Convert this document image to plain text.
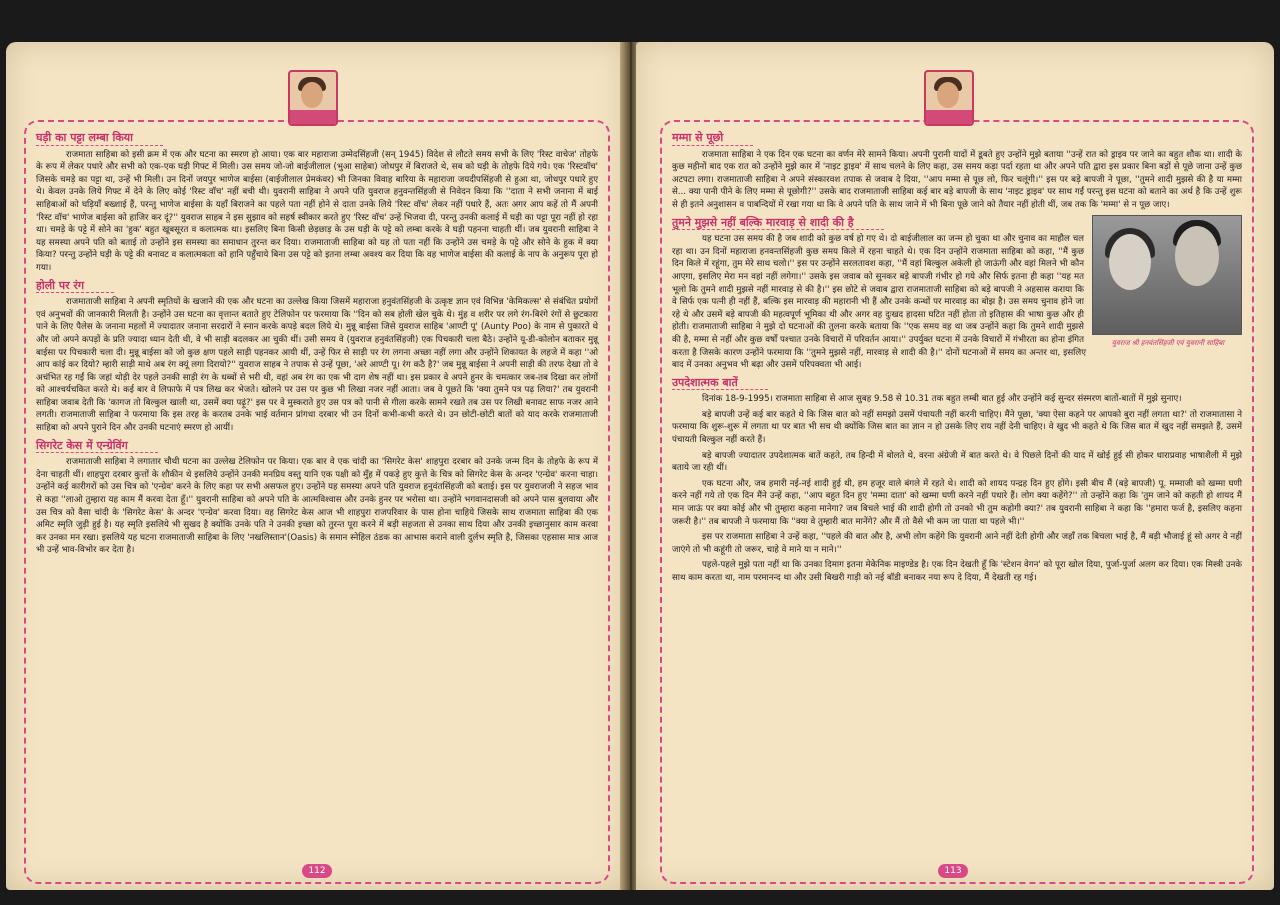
घड़ी का पट्टा लम्बा किया

राजमाता साहिबा को इसी क्रम में एक और घटना का स्मरण हो आया। एक बार महाराजा उम्मेदसिंहजी (सन् 1945) विदेश से लौटते समय सभी के लिए 'रिस्ट वाचेज' तोहफे के रूप में लेकर पधारे और सभी को एक-एक घड़ी गिफ्ट में मिली। उस समय जो-जो बाईजीलाल (भुआ साहेबा) जोधपुर में बिराजते थे, सब को घड़ी के तोहफे दिये गये। एक 'रिस्टवॉच' जिसके चमड़े का पट्टा था, उन्हें भी मिली। उन दिनों जयपुर भाणेज बाईसा (बाईजीलाल प्रेमकंवर) भी जिनका विवाह बारिया के महाराजा जयदीपसिंहजी से हुआ था, जोधपुर पधारे हुए थे। केवल उनके लिये गिफ्ट में देने के लिए कोई 'रिस्ट वॉच' नहीं बची थी। युवरानी साहिबा ने अपने पति युवराज हनुवन्तसिंहजी से निवेदन किया कि ''दाता ने सभी जनाना में बाई साहिबाओं को घड़ियाँ बख्शाई हैं, परन्तु भाणेज बाईसा के यहाँ बिराजने का पहले पता नहीं होने से दाता उनके लिये 'रिस्ट वॉच' लेकर नहीं पधारे हैं, अतः अगर आप कहें तो मैं अपनी 'रिस्ट वॉच' भाणेज बाईसा को हाजिर कर दूं?'' युवराज साहब ने इस सुझाव को सहर्ष स्वीकार करते हुए 'रिस्ट वॉच' उन्हें भिजवा दी, परन्तु उनकी कलाई में घड़ी का पट्टा पूरा नहीं हो रहा था। चमड़े के पट्टे में सोने का 'हुक' बहुत खूबसूरत व कलात्मक था। इसलिए बिना किसी छेड़छाड़ के उस घड़ी के पट्टे को लम्बा करके वे घड़ी पहनना चाहती थीं। जब युवरानी साहिबा ने यह समस्या अपने पति को बताई तो उन्होंने इस समस्या का समाधान तुरन्त कर दिया। राजमाताजी साहिबा को यह तो पता नहीं कि उन्होंने उस चमड़े के पट्टे और सोने के हुक में क्या किया? परन्तु उन्होंने घड़ी के पट्टे की बनावट व कलात्मकता को हानि पहुँचाये बिना उस पट्टे को इतना लम्बा अवश्य कर दिया कि वह भाणेज बाईसा की कलाई के नाप के अनुरूप पूरा हो गया।

होली पर रंग

राजमाताजी साहिबा ने अपनी स्मृतियों के खजाने की एक और घटना का उल्लेख किया जिसमें महाराजा हनुवंतसिंहजी के उत्कृष्ट ज्ञान एवं विभिन्न 'केमिकल्स' से संबंधित प्रयोगों एवं अनुभवों की जानकारी मिलती है। उन्होंने उस घटना का वृत्तान्त बताते हुए टेलिफोन पर फरमाया कि ''दिन को सब होली खेल चुके थे। मुंह व शरीर पर लगे रंग-बिरंगे रंगों से छुटकारा पाने के लिए पैलेस के जनाना महलों में ज्यादातर जनाना सरदारों ने स्नान करके कपड़े बदल लिये थे। मुन्नू बाईसा जिसे युवराज साहिब 'आण्टी पू' (Aunty Poo) के नाम से पुकारते थे और जो अपने कपड़ों के प्रति ज्यादा ध्यान देती थी, वे भी साड़ी बदलकर आ चुकी थीं। उसी समय वे (युवराज हनुवंतसिंहजी) एक पिचकारी चला बैठे। उन्होंने यू-डी-कोलोन बताकर मुन्नू बाईसा पर पिचकारी चला दी। मुन्नू बाईसा को जो कुछ क्षण पहले साड़ी पहनकर आयी थीं, उन्हें फिर से साड़ी पर रंग लगना अच्छा नहीं लगा और उन्होंने शिकायत के लहजे में कहा ''ओ आप कांई कर दियो? म्हारी साड़ी माथे अब रंग क्यूं लगा दिरायो?'' युवराज साहब ने तपाक से उन्हें पूछा, 'अरे आण्टी पू। रंग कठै है?' जब मुन्नू बाईसा ने अपनी साड़ी की तरफ देखा तो वे अचंभित रह गईं कि जहां थोड़ी देर पहले उनकी साड़ी रंग के धब्बों से भरी थी, वहां अब रंग का एक भी दाग शेष नहीं था। इस प्रकार वे अपने हुनर के चमत्कार जब-तब दिखा कर लोगों को आश्चर्यचकित करते थे। कई बार वे लिफाफे में पत्र लिख कर भेजते। खोलने पर उस पर कुछ भी लिखा नजर नहीं आता। जब वे पूछते कि 'क्या तुमने पत्र पढ़ लिया?' तब युवरानी साहिबा जवाब देती कि 'कागज तो बिल्कुल खाली था, उसमें क्या पढ़ूं?' इस पर वे मुस्कराते हुए उस पत्र को पानी से गीला करके सामने रखते तब उस पर लिखी बनावट साफ नजर आने लगती। राजमाताजी साहिबा ने फरमाया कि इस तरह के करतब उनके भाई वर्तमान प्रांगधा दरबार भी उन दिनों कभी-कभी करते थे। उन छोटी-छोटी बातों को याद करके राजमाताजी साहिबा को अपने पुराने दिन और उनकी घटनाएं स्मरण हो आयीं।

सिगरेट केस में एन्ग्रेविंग

राजमाताजी साहिबा ने लगातार चौथी घटना का उल्लेख टेलिफोन पर किया। एक बार वे एक चांदी का 'सिगरेट केस' शाहपुरा दरबार को उनके जन्म दिन के तोहफे के रूप में देना चाहती थीं। शाहपुरा दरबार कुत्तों के शौकीन थे इसलिये उन्होंने उनकी मनप्रिय वस्तु यानि एक पक्षी को मुँह में पकड़े हुए कुत्ते के चित्र को सिगरेट केस के अन्दर 'एन्ग्रेव' करना चाहा। उन्होंने कई कारीगरों को उस चित्र को 'एन्ग्रेव' करने के लिए कहा पर सभी असफल हुए। उन्होंने यह समस्या अपने पति युवराज हनुवंतसिंहजी को बताई। इस पर युवराजजी ने सहज भाव से कहा ''लाओ तुम्हारा यह काम मैं करवा देता हूँ।'' युवरानी साहिबा को अपने पति के आत्मविश्वास और उनके हुनर पर भरोसा था। उन्होंने भगवानदासजी को अपने पास बुलवाया और उस चित्र को वैसा चांदी के 'सिगरेट केस' के अन्दर 'एन्ग्रेव' करवा दिया। वह सिगरेट केस आज भी शाहपुरा राजपरिवार के पास होना चाहिये जिसके साथ राजमाता साहिबा की एक अमिट स्मृति जुड़ी हुई है। यह स्मृति इसलिये भी सुखद है क्योंकि उनके पति ने उनकी इच्छा को तुरन्त पूरा करने में बड़ी सहजता से उनका साथ दिया और उनकी इच्छानुसार काम करवा कर उनका मन रखा। इसलिये यह घटना राजमाताजी साहिबा के लिए 'नखलिस्तान'(Oasis) के समान स्नेहिल ठंडक का आभास कराने वाली दुर्लभ स्मृति है, जिसका एहसास मात्र आज भी उन्हें भाव-विभोर कर देता है।

112
मम्मा से पूछो

राजमाता साहिबा ने एक दिन एक घटना का वर्णन मेरे सामने किया। अपनी पुरानी यादों में डूबते हुए उन्होंने मुझे बताया ''उन्हें रात को ड्राइव पर जाने का बहुत शौक था। शादी के कुछ महीनों बाद एक रात को उन्होंने मुझे कार में 'नाइट ड्राइव' में साथ चलने के लिए कहा, उस समय कड़ा पर्दा रहता था और अपने पति द्वारा इस प्रकार बिना बड़ों से पूछे जाना उन्हें कुछ अटपटा लगा। राजमाताजी साहिबा ने अपने संस्कारवश तपाक से जवाब दे दिया, ''आप मम्मा से पूछ लो, फिर चलूंगी।'' इस पर बड़े बापजी ने पूछा, ''तुमने शादी मुझसे की है या मम्मा से... क्या पानी पीने के लिए मम्मा से पूछोगी?'' उसके बाद राजमाताजी साहिबा कई बार बड़े बापजी के साथ 'नाइट ड्राइव' पर साथ गईं परन्तु इस घटना को बताने का अर्थ है कि उन्हें शुरू से ही इतने अनुशासन व पाबन्दियों में रखा गया था कि वे अपने पति के साथ जाने में भी बिना पूछे जाने को तैयार नहीं होती थीं, जब तक कि 'मम्मा' से न पूछ जाए।

तुमने मुझसे नहीं बल्कि मारवाड़ से शादी की है
युवराज श्री हनवंतसिंहजी एवं युवरानी साहिबा

यह घटना उस समय की है जब शादी को कुछ वर्ष हो गए थे। दो बाईजीलाल का जन्म हो चुका था और चुनाव का माहौल चल रहा था। उन दिनों महाराजा हनवन्तसिंहजी कुछ समय किले में रहना चाहते थे। एक दिन उन्होंने राजमाता साहिबा को कहा, ''मैं कुछ दिन किले में रहूंगा, तुम मेरे साथ चलो।'' इस पर उन्होंने सरलतावश कहा, ''मैं वहां बिल्कुल अकेली हो जाऊंगी और वहां मिलने भी कौन आएगा, इसलिए मेरा मन वहां नहीं लगेगा।'' उसके इस जवाब को सुनकर बड़े बापजी गंभीर हो गये और सिर्फ इतना ही कहा ''यह मत भूलो कि तुमने शादी मुझसे नहीं मारवाड़ से की है।'' इस छोटे से जवाब द्वारा राजमाताजी साहिबा को बड़े बापजी ने अहसास कराया कि वे सिर्फ एक पत्नी ही नहीं हैं, बल्कि इस मारवाड़ की महारानी भी हैं और उनके कन्धों पर मारवाड़ का बोझ है। उस समय चुनाव होने जा रहे थे और उसमें बड़े बापजी की महत्वपूर्ण भूमिका थी और अगर वह दुःखद हादसा घटित नहीं होता तो इतिहास की भाषा कुछ और ही होती। राजमाताजी साहिबा ने मुझे दो घटनाओं की तुलना करके बताया कि ''एक समय वह था जब उन्होंने कहा कि तुमने शादी मुझसे की है, मम्मा से नहीं और कुछ वर्षों पश्चात उनके विचारों में परिवर्तन आया।'' उपर्युक्त घटना में उनके विचारों में गंभीरता का होना इंगित करता है जिसके कारण उन्होंने फरमाया कि ''तुमने मुझसे नहीं, मारवाड़ से शादी की है।'' दोनों घटनाओं में समय का अन्तर था, इसलिए बाद में उनका अनुभव भी बढ़ा और उसमें परिपक्वता भी आई।

उपदेशात्मक बातें

दिनांक 18-9-1995। राजमाता साहिबा से आज सुबह 9.58 से 10.31 तक बहुत लम्बी बात हुई और उन्होंने कई सुन्दर संस्मरण बातों-बातों में मुझे सुनाए।

बड़े बापजी उन्हें कई बार कहते थे कि जिस बात को नहीं समझो उसमें पंचायती नहीं करनी चाहिए। मैंने पूछा, 'क्या ऐसा कहने पर आपको बुरा नहीं लगता था?' तो राजमातासा ने फरमाया कि शुरू-शुरू में लगता था पर बात भी सच थी क्योंकि जिस बात का ज्ञान न हो उसके लिए राय नहीं देनी चाहिए। वे खुद भी कहते थे कि जिस बात में खुद नहीं समझते हैं, उसमें पंचायती बिल्कुल नहीं करते हैं।

बड़े बापजी ज्यादातर उपदेशात्मक बातें कहते, तब हिन्दी में बोलते थे, वरना अंग्रेजी में बात करते थे। वे पिछले दिनों की याद में खोई हुई सी होकर धाराप्रवाह भाषाशैली में मुझे बताये जा रही थीं।

एक घटना और, जब हमारी नई-नई शादी हुई थी, हम हजूर वाले बंगले में रहते थे। शादी को शायद पन्द्रह दिन हुए होंगे। इसी बीच मैं (बड़े बापजी) पू. मम्माजी को खम्मा घणी करने नहीं गये तो एक दिन मैंने उन्हें कहा, ''आप बहुत दिन हुए 'मम्मा दाता' को खम्मा घणी करने नहीं पधारे हैं। लोग क्या कहेंगे?'' तो उन्होंने कहा कि 'तुम जाने को कहती हो शायद मैं मान जाऊं पर क्या कोई और भी तुम्हारा कहना मानेगा? जब बिचले भाई की शादी होगी तो उनको भी तुम कहोगी क्या?' तब युवरानी साहिबा ने कहा कि ''हमारा फर्ज है, इसलिए कहना जरूरी है।'' तब बापजी ने फरमाया कि ''क्या वे तुम्हारी बात मानेंगे? और मैं तो वैसे भी कम जा पाता था पहले भी।''

इस पर राजमाता साहिबा ने उन्हें कहा, ''पहले की बात और है, अभी लोग कहेंगे कि युवरानी आने नहीं देती होगी और जहाँ तक बिचला भाई है, मैं बड़ी भौजाई हूं सो अगर वे नहीं जाएंगे तो भी कहूंगी तो जरूर, चाहे वे माने या न माने।''

पहले-पहले मुझे पता नहीं था कि उनका दिमाग इतना मेकेनिक माइण्डेड है। एक दिन देखती हूँ कि 'स्टेशन वेगन' को पूरा खोल दिया, पुर्जा-पुर्जा अलग कर दिया। एक मिस्त्री उनके साथ काम करता था, नाम परमानन्द था और उसी बिखरी गाड़ी को नई बॉडी बनाकर नया रूप दे दिया, मैं देखती रह गई।

113
